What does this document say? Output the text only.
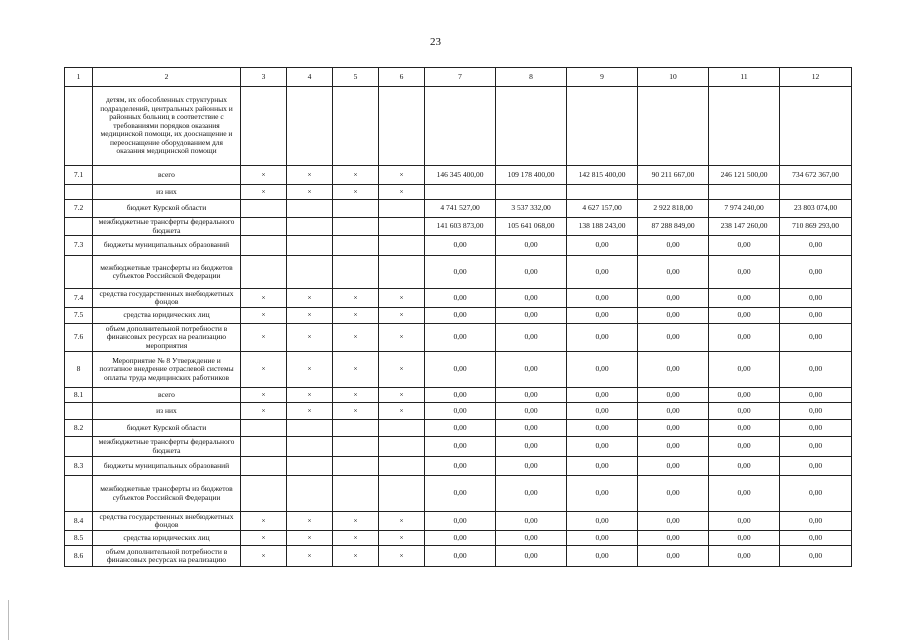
23
1	2	3	4	5	6	7	8	9	10	11	12
	детям, их обособленных структурных подразделений, центральных районных и районных больниц в соответствие с требованиями порядков оказания медицинской помощи, их дооснащение и переоснащение оборудованием для оказания медицинской помощи										
7.1	всего	×	×	×	×	146 345 400,00	109 178 400,00	142 815 400,00	90 211 667,00	246 121 500,00	734 672 367,00
	из них	×	×	×	×						
7.2	бюджет Курской области					4 741 527,00	3 537 332,00	4 627 157,00	2 922 818,00	7 974 240,00	23 803 074,00
	межбюджетные трансферты федерального бюджета					141 603 873,00	105 641 068,00	138 188 243,00	87 288 849,00	238 147 260,00	710 869 293,00
7.3	бюджеты муниципальных образований					0,00	0,00	0,00	0,00	0,00	0,00
	межбюджетные трансферты из бюджетов субъектов Российской Федерации					0,00	0,00	0,00	0,00	0,00	0,00
7.4	средства государственных внебюджетных фондов	×	×	×	×	0,00	0,00	0,00	0,00	0,00	0,00
7.5	средства юридических лиц	×	×	×	×	0,00	0,00	0,00	0,00	0,00	0,00
7.6	объем дополнительной потребности в финансовых ресурсах на реализацию мероприятия	×	×	×	×	0,00	0,00	0,00	0,00	0,00	0,00
8	Мероприятие № 8 Утверждение и поэтапное внедрение отраслевой системы оплаты труда медицинских работников	×	×	×	×	0,00	0,00	0,00	0,00	0,00	0,00
8.1	всего	×	×	×	×	0,00	0,00	0,00	0,00	0,00	0,00
	из них	×	×	×	×	0,00	0,00	0,00	0,00	0,00	0,00
8.2	бюджет Курской области					0,00	0,00	0,00	0,00	0,00	0,00
	межбюджетные трансферты федерального бюджета					0,00	0,00	0,00	0,00	0,00	0,00
8.3	бюджеты муниципальных образований					0,00	0,00	0,00	0,00	0,00	0,00
	межбюджетные трансферты из бюджетов субъектов Российской Федерации					0,00	0,00	0,00	0,00	0,00	0,00
8.4	средства государственных внебюджетных фондов	×	×	×	×	0,00	0,00	0,00	0,00	0,00	0,00
8.5	средства юридических лиц	×	×	×	×	0,00	0,00	0,00	0,00	0,00	0,00
8.6	объем дополнительной потребности в финансовых ресурсах на реализацию	×	×	×	×	0,00	0,00	0,00	0,00	0,00	0,00
